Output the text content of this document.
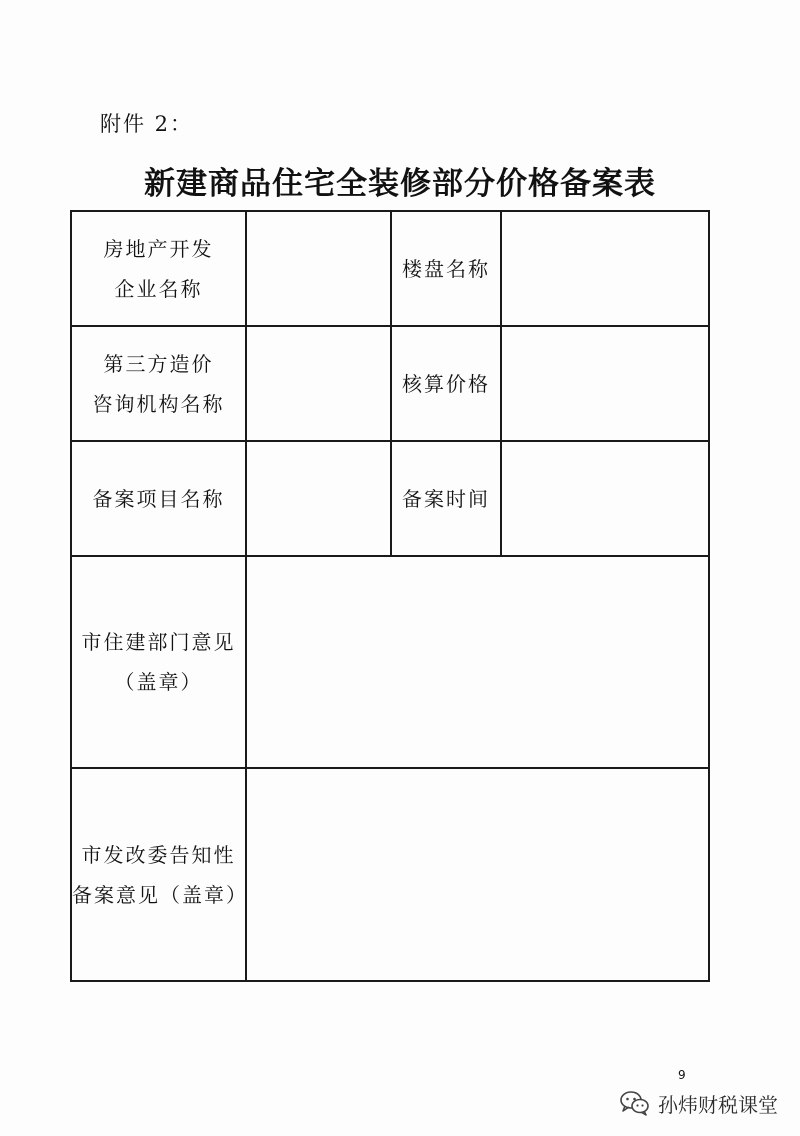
附件 2：
新建商品住宅全装修部分价格备案表
房地产开发
企业名称		楼盘名称	

第三方造价
咨询机构名称		核算价格	
备案项目名称		备案时间	

市住建部门意见
（盖章）			

市发改委告知性
备案意见（盖章）			

9
孙炜财税课堂
